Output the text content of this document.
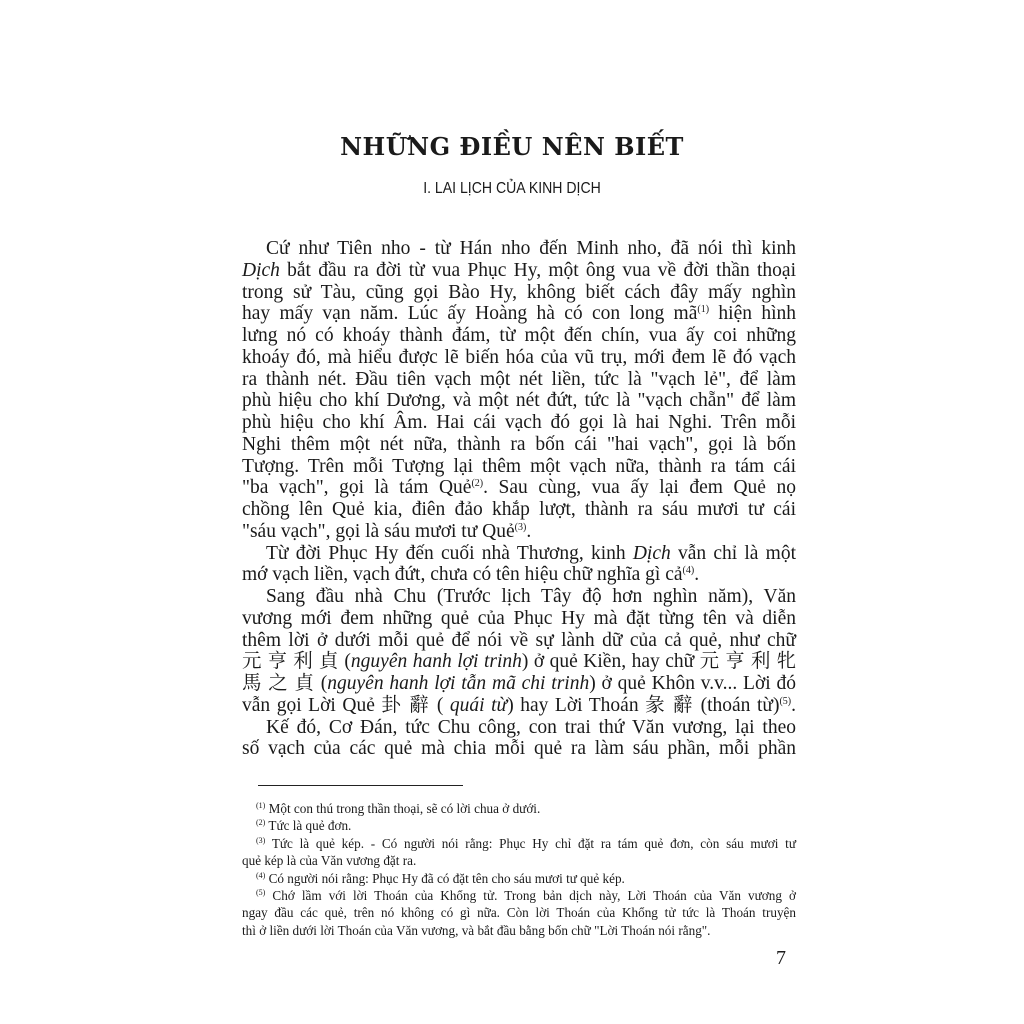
NHỮNG ĐIỀU NÊN BIẾT
I. LAI LỊCH CỦA KINH DỊCH
Cứ như Tiên nho - từ Hán nho đến Minh nho, đã nói thì kinh
Dịch bắt đầu ra đời từ vua Phục Hy, một ông vua về đời thần thoại
trong sử Tàu, cũng gọi Bào Hy, không biết cách đây mấy nghìn
hay mấy vạn năm. Lúc ấy Hoàng hà có con long $mã^{(1)}$ hiện hình
lưng nó có khoáy thành đám, từ một đến chín, vua ấy coi những
khoáy đó, mà hiểu được lẽ biến hóa của vũ trụ, mới đem lẽ đó vạch
ra thành nét. Đầu tiên vạch một nét liền, tức là "vạch lẻ", để làm
phù hiệu cho khí Dương, và một nét đứt, tức là "vạch chẵn" để làm
phù hiệu cho khí Âm. Hai cái vạch đó gọi là hai Nghi. Trên mỗi
Nghi thêm một nét nữa, thành ra bốn cái "hai vạch", gọi là bốn
Tượng. Trên mỗi Tượng lại thêm một vạch nữa, thành ra tám cái
"ba vạch", gọi là tám Quẻ$^{(2)}$. Sau cùng, vua ấy lại đem Quẻ nọ
chồng lên Quẻ kia, điên đảo khắp lượt, thành ra sáu mươi tư cái
"sáu vạch", gọi là sáu mươi tư Quẻ$^{(3)}$.
Từ đời Phục Hy đến cuối nhà Thương, kinh Dịch vẫn chỉ là một
mớ vạch liền, vạch đứt, chưa có tên hiệu chữ nghĩa gì cả$^{(4)}$.
Sang đầu nhà Chu (Trước lịch Tây độ hơn nghìn năm), Văn
vương mới đem những quẻ của Phục Hy mà đặt từng tên và diễn
thêm lời ở dưới mỗi quẻ để nói về sự lành dữ của cả quẻ, như chữ
元 亨 利 貞 (nguyên hanh lợi trinh) ở quẻ Kiền, hay chữ 元 亨 利 牝
馬 之 貞 (nguyên hanh lợi tẫn mã chi trinh) ở quẻ Khôn v.v... Lời đó
vẫn gọi Lời Quẻ 卦 辭 ( quái từ) hay Lời Thoán 彖 辭 (thoán từ)$^{(5)}$.
Kế đó, Cơ Đán, tức Chu công, con trai thứ Văn vương, lại theo
số vạch của các quẻ mà chia mỗi quẻ ra làm sáu phần, mỗi phần
$^{(1)}$ Một con thú trong thần thoại, sẽ có lời chua ở dưới.
$^{(2)}$ Tức là quẻ đơn.
$^{(3)}$ Tức là quẻ kép. - Có người nói rằng: Phục Hy chỉ đặt ra tám quẻ đơn, còn sáu mươi tư
quẻ kép là của Văn vương đặt ra.
$^{(4)}$ Có người nói rằng: Phục Hy đã có đặt tên cho sáu mươi tư quẻ kép.
$^{(5)}$ Chớ lầm với lời Thoán của Khổng tử. Trong bản dịch này, Lời Thoán của Văn vương ở
ngay đầu các quẻ, trên nó không có gì nữa. Còn lời Thoán của Khổng tử tức là Thoán truyện
thì ở liền dưới lời Thoán của Văn vương, và bắt đầu bằng bốn chữ "Lời Thoán nói rằng".
7
